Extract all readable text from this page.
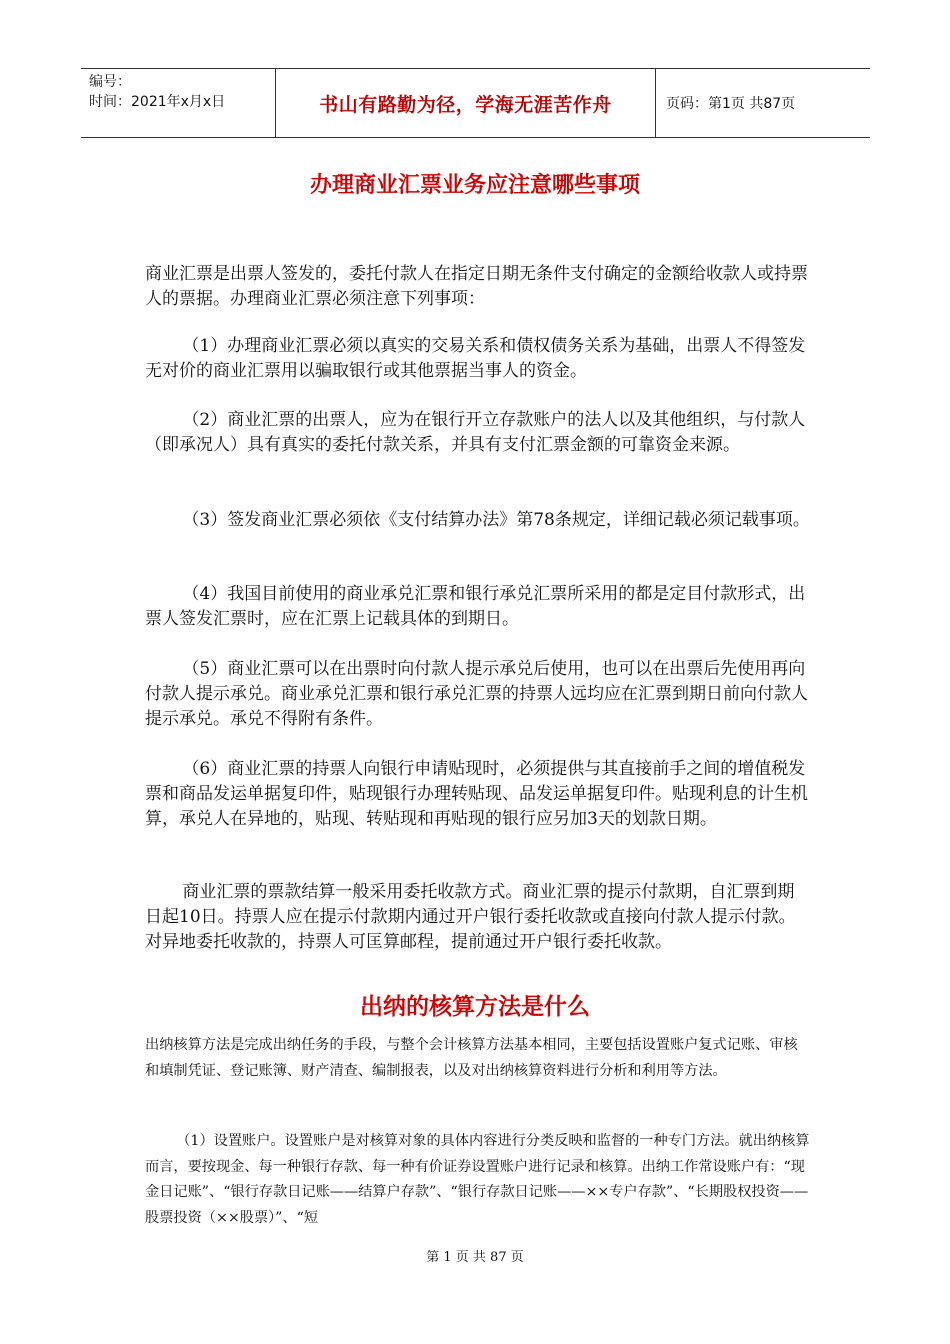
编号：
时间：2021年x月x日	书山有路勤为径，学海无涯苦作舟	页码：第1页 共87页
办理商业汇票业务应注意哪些事项

商业汇票是出票人签发的，委托付款人在指定日期无条件支付确定的金额给收款人或持票人的票据。办理商业汇票必须注意下列事项：

（1）办理商业汇票必须以真实的交易关系和债权债务关系为基础，出票人不得签发无对价的商业汇票用以骗取银行或其他票据当事人的资金。

（2）商业汇票的出票人，应为在银行开立存款账户的法人以及其他组织，与付款人（即承况人）具有真实的委托付款关系，并具有支付汇票金额的可靠资金来源。

（3）签发商业汇票必须依《支付结算办法》第78条规定，详细记载必须记载事项。

（4）我国目前使用的商业承兑汇票和银行承兑汇票所采用的都是定目付款形式，出票人签发汇票时，应在汇票上记载具体的到期日。

（5）商业汇票可以在出票时向付款人提示承兑后使用，也可以在出票后先使用再向付款人提示承兑。商业承兑汇票和银行承兑汇票的持票人远均应在汇票到期日前向付款人提示承兑。承兑不得附有条件。

（6）商业汇票的持票人向银行申请贴现时，必须提供与其直接前手之间的增值税发票和商品发运单据复印件，贴现银行办理转贴现、品发运单据复印件。贴现利息的计生机算，承兑人在异地的，贴现、转贴现和再贴现的银行应另加3天的划款日期。

商业汇票的票款结算一般采用委托收款方式。商业汇票的提示付款期，自汇票到期日起10日。持票人应在提示付款期内通过开户银行委托收款或直接向付款人提示付款。对异地委托收款的，持票人可匡算邮程，提前通过开户银行委托收款。

出纳的核算方法是什么

出纳核算方法是完成出纳任务的手段，与整个会计核算方法基本相同，主要包括设置账户复式记账、审核和填制凭证、登记账簿、财产清查、编制报表，以及对出纳核算资料进行分析和利用等方法。

（1）设置账户。设置账户是对核算对象的具体内容进行分类反映和监督的一种专门方法。就出纳核算而言，要按现金、每一种银行存款、每一种有价证券设置账户进行记录和核算。出纳工作常设账户有：“现金日记账”、“银行存款日记账——结算户存款”、“银行存款日记账——××专户存款”、“长期股权投资——股票投资（××股票）”、“短

第 1 页 共 87 页
